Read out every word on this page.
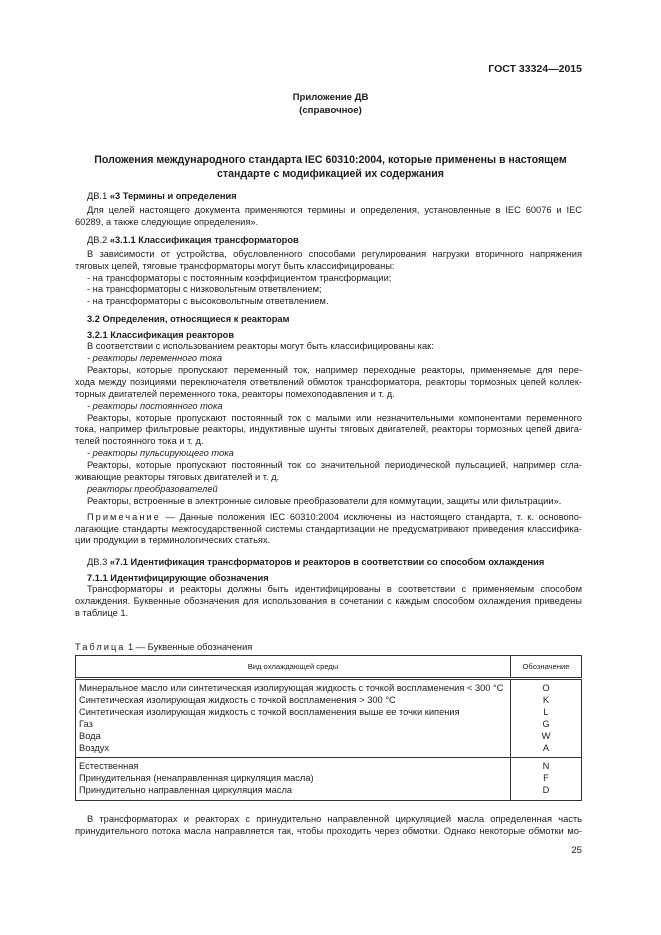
ГОСТ 33324—2015
Приложение ДВ
(справочное)
Положения международного стандарта IEC 60310:2004, которые применены в настоящем
стандарте с модификацией их содержания
ДВ.1 «3 Термины и определения
Для целей настоящего документа применяются термины и определения, установленные в IEC 60076 и IEC
60289, а также следующие определения».
ДВ.2 «3.1.1 Классификация трансформаторов
В зависимости от устройства, обусловленного способами регулирования нагрузки вторичного напряжения
тяговых цепей, тяговые трансформаторы могут быть классифицированы:
- на трансформаторы с постоянным коэффициентом трансформации;
- на трансформаторы с низковольтным ответвлением;
- на трансформаторы с высоковольтным ответвлением.
3.2 Определения, относящиеся к реакторам
3.2.1 Классификация реакторов
В соответствии с использованием реакторы могут быть классифицированы как:
- реакторы переменного тока
Реакторы, которые пропускают переменный ток, например переходные реакторы, применяемые для пере-
хода между позициями переключателя ответвлений обмоток трансформатора, реакторы тормозных цепей коллек-
торных двигателей переменного тока, реакторы помехоподавления и т. д.
- реакторы постоянного тока
Реакторы, которые пропускают постоянный ток с малыми или незначительными компонентами переменного
тока, например фильтровые реакторы, индуктивные шунты тяговых двигателей, реакторы тормозных цепей двига-
телей постоянного тока и т. д.
- реакторы пульсирующего тока
Реакторы, которые пропускают постоянный ток со значительной периодической пульсацией, например сгла-
живающие реакторы тяговых двигателей и т. д.
реакторы преобразователей
Реакторы, встроенные в электронные силовые преобразователи для коммутации, защиты или фильтрации».
Примечание — Данные положения IEC 60310:2004 исключены из настоящего стандарта, т. к. основопо-
лагающие стандарты межгосударственной системы стандартизации не предусматривают приведения классифика-
ции продукции в терминологических статьях.
ДВ.3 «7.1 Идентификация трансформаторов и реакторов в соответствии со способом охлаждения
7.1.1 Идентифицирующие обозначения
Трансформаторы и реакторы должны быть идентифицированы в соответствии с применяемым способом
охлаждения. Буквенные обозначения для использования в сочетании с каждым способом охлаждения приведены
в таблице 1.
Таблица 1 — Буквенные обозначения
Вид охлаждающей среды	Обозначение
Минеральное масло или синтетическая изолирующая жидкость с точкой воспламенения < 300 °С	O
Синтетическая изолирующая жидкость с точкой воспламенения > 300 °С	K
Синтетическая изолирующая жидкость с точкой воспламенения выше ее точки кипения	L
Газ	G
Вода	W
Воздух	A
Естественная	N
Принудительная (ненаправленная циркуляция масла)	F
Принудительно направленная циркуляция масла	D
В трансформаторах и реакторах с принудительно направленной циркуляцией масла определенная часть
принудительного потока масла направляется так, чтобы проходить через обмотки. Однако некоторые обмотки мо-
25
